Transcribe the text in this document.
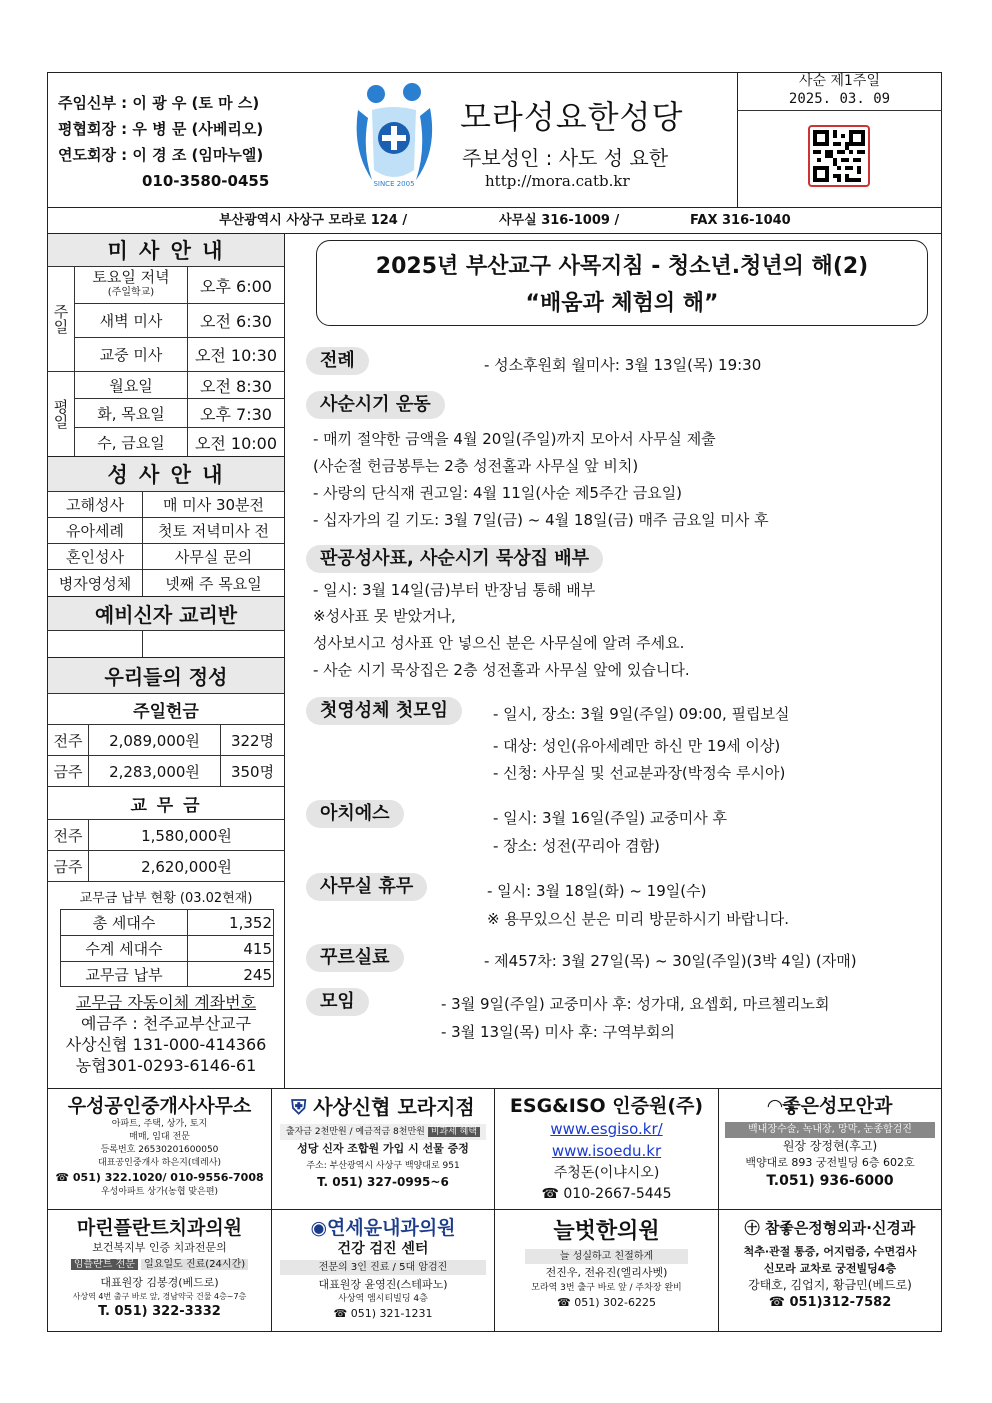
주임신부 : 이 광 우 (토 마 스)
평협회장 : 우 병 문 (사베리오)
연도회장 : 이 경 조 (임마누엘)
010-3580-0455	SINCE 2005
모라성요한성당
주보성인 : 사도 성 요한
http://mora.catb.kr
사순 제1주일
2025. 03. 09
부산광역시 사상구 모라로 124 /	사무실 316-1009 /	FAX 316-1040
미 사 안 내
주일
토요일 저녁
(주일학교)	오후 6:00
새벽 미사	오전 6:30
교중 미사	오전 10:30
평일
월요일	오전 8:30
화, 목요일	오후 7:30
수, 금요일	오전 10:00
성 사 안 내
고해성사	매 미사 30분전
유아세례	첫토 저녁미사 전
혼인성사	사무실 문의
병자영성체	넷째 주 목요일
예비신자 교리반
우리들의 정성
주일헌금
전주	2,089,000원	322명
금주	2,283,000원	350명
교 무 금
전주	1,580,000원
금주	2,620,000원
교무금 납부 현황 (03.02현재)
총 세대수	1,352
수계 세대수	415
교무금 납부	245
교무금 자동이체 계좌번호
예금주 : 천주교부산교구
사상신협 131-000-414366
농협301-0293-6146-61
2025년 부산교구 사목지침 - 청소년.청년의 해(2)
“배움과 체험의 해”
전례	- 성소후원회 월미사: 3월 13일(목) 19:30
사순시기 운동
- 매끼 절약한 금액을 4월 20일(주일)까지 모아서 사무실 제출
(사순절 헌금봉투는 2층 성전홀과 사무실 앞 비치)
- 사랑의 단식재 권고일: 4월 11일(사순 제5주간 금요일)
- 십자가의 길 기도: 3월 7일(금) ~ 4월 18일(금) 매주 금요일 미사 후
판공성사표, 사순시기 묵상집 배부
- 일시: 3월 14일(금)부터 반장님 통해 배부
※성사표 못 받았거나,
성사보시고 성사표 안 넣으신 분은 사무실에 알려 주세요.
- 사순 시기 묵상집은 2층 성전홀과 사무실 앞에 있습니다.
첫영성체 첫모임	- 일시, 장소: 3월 9일(주일) 09:00, 필립보실
- 대상: 성인(유아세례만 하신 만 19세 이상)
- 신청: 사무실 및 선교분과장(박정숙 루시아)
아치에스	- 일시: 3월 16일(주일) 교중미사 후
- 장소: 성전(꾸리아 겸함)
사무실 휴무	- 일시: 3월 18일(화) ~ 19일(수)
※ 용무있으신 분은 미리 방문하시기 바랍니다.
꾸르실료	- 제457차: 3월 27일(목) ~ 30일(주일)(3박 4일) (자매)
모임	- 3월 9일(주일) 교중미사 후: 성가대, 요셉회, 마르첼리노회
- 3월 13일(목) 미사 후: 구역부회의
우성공인중개사사무소
아파트, 주택, 상가, 토지
매매, 임대 전문
등록번호 26530201600050
대표공인중개사 하은지(데레사)
☎ 051) 322.1020/ 010-9556-7008
우성아파트 상가(농협 맞은편)
⛨ 사상신협 모라지점
출자금 2천만원 / 예금적금 8천만원 비과세 혜택
성당 신자 조합원 가입 시 선물 증정
주소: 부산광역시 사상구 백양대로 951
T. 051) 327-0995~6
ESG&ISO 인증원(주)
www.esgiso.kr/
www.isoedu.kr
주청돈(이냐시오)
☎ 010-2667-5445
◠좋은성모안과
백내장수술, 녹내장, 망막, 눈종합검진
원장 장정현(후고)
백양대로 893 궁전빌딩 6층 602호
T.051) 936-6000
마린플란트치과의원
보건복지부 인증 치과전문의
임플란트 전문 일요일도 진료(24시간)
대표원장 김봉경(베드로)
사상역 4번 출구 바로 앞, 경남약국 건물 4층~7층
T. 051) 322-3332
◉연세윤내과의원
건강 검진 센터
전문의 3인 진료 / 5대 암검진
대표원장 윤영진(스테파노)
사상역 엠시티빌딩 4층
☎ 051) 321-1231
늘벗한의원
늘 성실하고 친절하게
전진우, 전유진(엘리사벳)
모라역 3번 출구 바로 앞 / 주차장 완비
☎ 051) 302-6225
㊉ 참좋은정형외과·신경과
척추·관절 통증, 어지럼증, 수면검사
신모라 교차로 궁전빌딩4층
강태호, 김업지, 황금민(베드로)
☎ 051)312-7582
